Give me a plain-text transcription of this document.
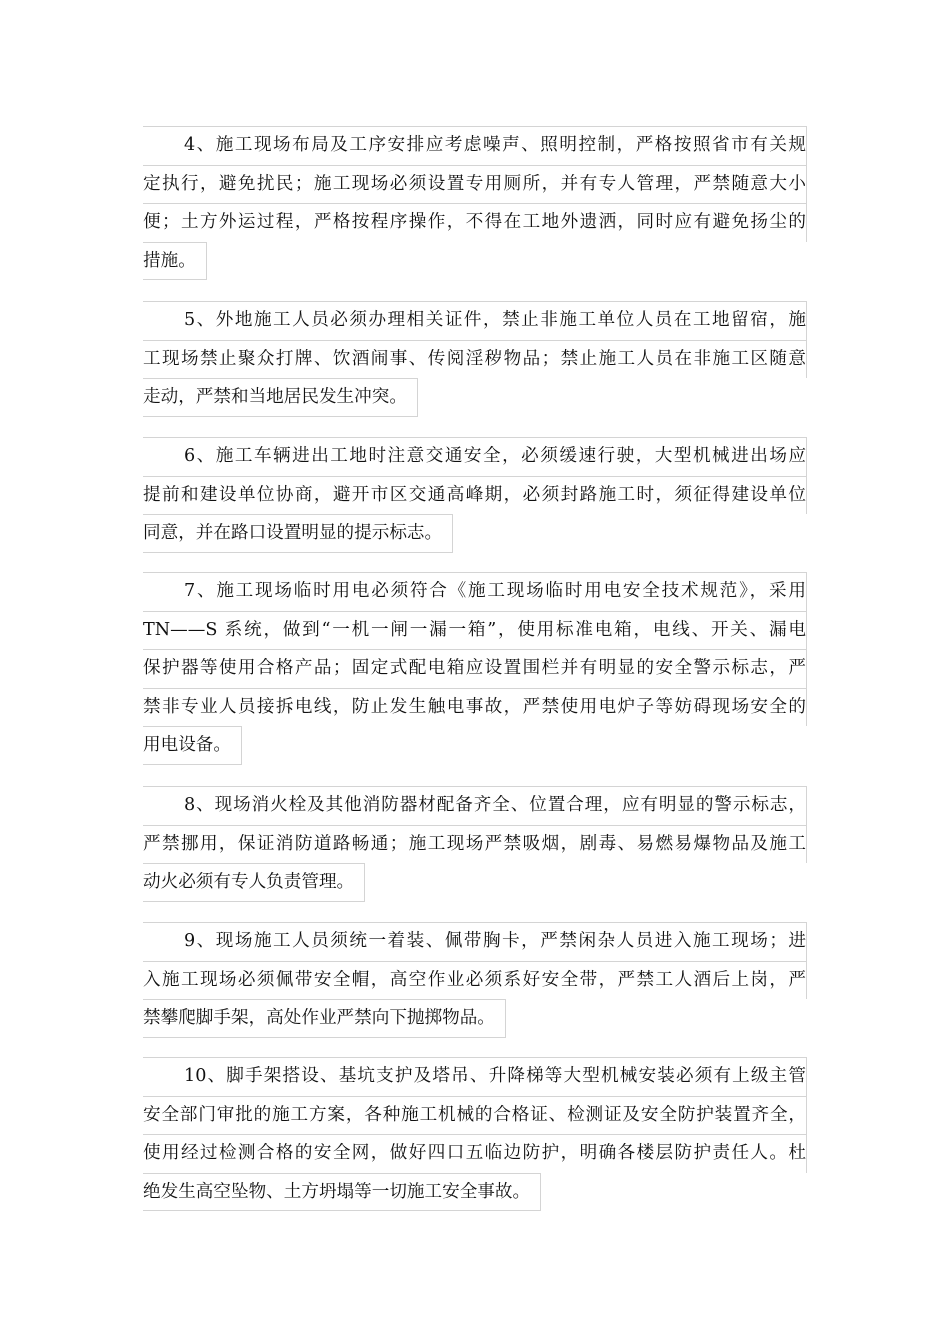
4、施工现场布局及工序安排应考虑噪声、照明控制，严格按照省市有关规
定执行，避免扰民；施工现场必须设置专用厕所，并有专人管理，严禁随意大小
便；土方外运过程，严格按程序操作，不得在工地外遗洒，同时应有避免扬尘的
措施。
5、外地施工人员必须办理相关证件，禁止非施工单位人员在工地留宿，施
工现场禁止聚众打牌、饮酒闹事、传阅淫秽物品；禁止施工人员在非施工区随意
走动，严禁和当地居民发生冲突。
6、施工车辆进出工地时注意交通安全，必须缓速行驶，大型机械进出场应
提前和建设单位协商，避开市区交通高峰期，必须封路施工时，须征得建设单位
同意，并在路口设置明显的提示标志。
7、施工现场临时用电必须符合《施工现场临时用电安全技术规范》，采用
TN——S 系统，做到“一机一闸一漏一箱”，使用标准电箱，电线、开关、漏电
保护器等使用合格产品；固定式配电箱应设置围栏并有明显的安全警示标志，严
禁非专业人员接拆电线，防止发生触电事故，严禁使用电炉子等妨碍现场安全的
用电设备。
8、现场消火栓及其他消防器材配备齐全、位置合理，应有明显的警示标志，
严禁挪用，保证消防道路畅通；施工现场严禁吸烟，剧毒、易燃易爆物品及施工
动火必须有专人负责管理。
9、现场施工人员须统一着装、佩带胸卡，严禁闲杂人员进入施工现场；进
入施工现场必须佩带安全帽，高空作业必须系好安全带，严禁工人酒后上岗，严
禁攀爬脚手架，高处作业严禁向下抛掷物品。
10、脚手架搭设、基坑支护及塔吊、升降梯等大型机械安装必须有上级主管
安全部门审批的施工方案，各种施工机械的合格证、检测证及安全防护装置齐全，
使用经过检测合格的安全网，做好四口五临边防护，明确各楼层防护责任人。杜
绝发生高空坠物、土方坍塌等一切施工安全事故。
